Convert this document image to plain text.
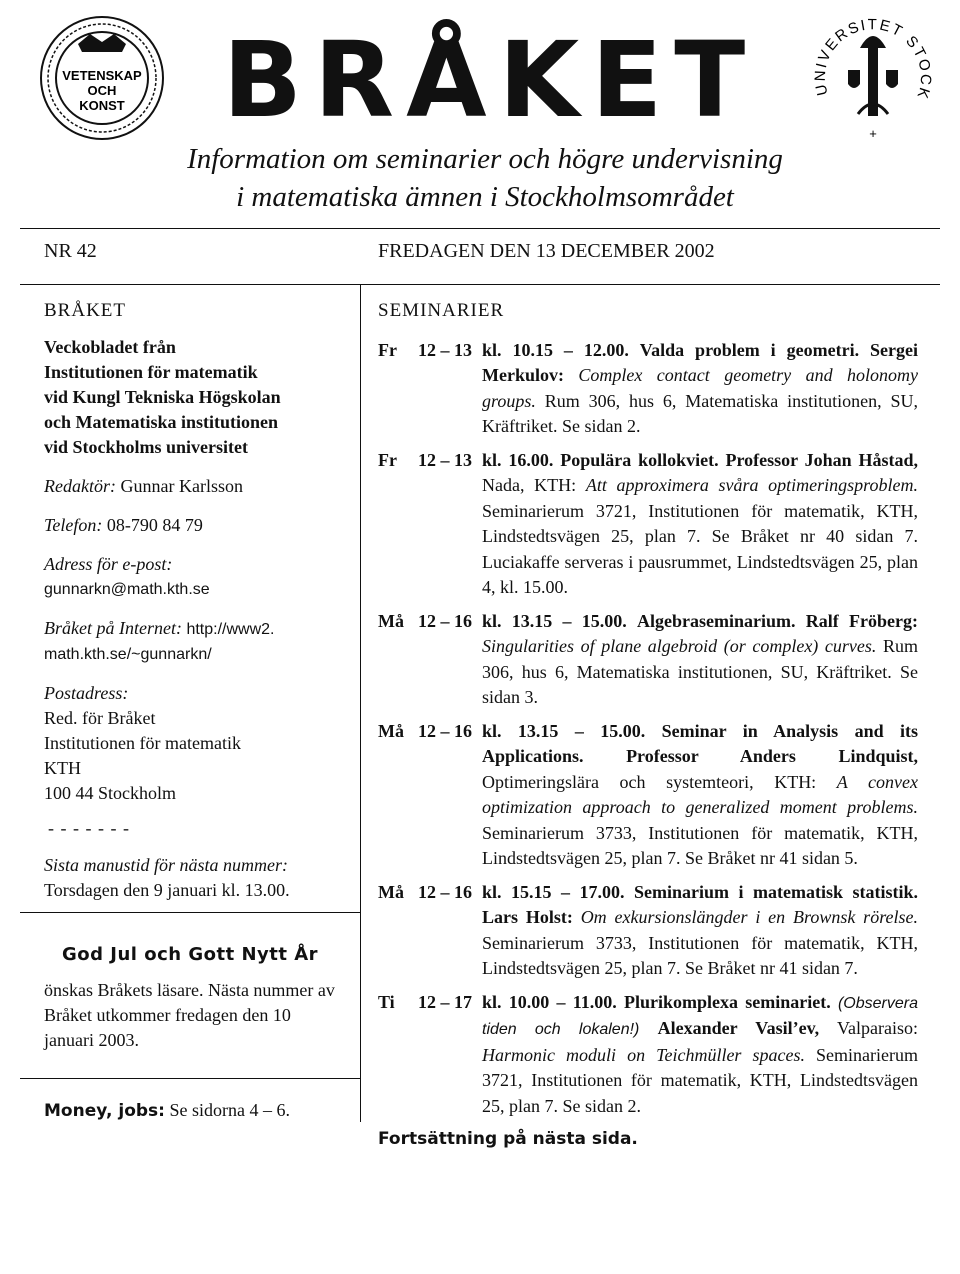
VETENSKAP
OCH
KONST BRÅKET	UNIVERSITET STOCK
+
Information om seminarier och högre undervisning
i matematiska ämnen i Stockholmsområdet
NR 42	FREDAGEN DEN 13 DECEMBER 2002
BRÅKET
Veckobladet från
Institutionen för matematik
vid Kungl Tekniska Högskolan
och Matematiska institutionen
vid Stockholms universitet
Redaktör: Gunnar Karlsson
Telefon: 08-790 84 79
Adress för e-post:
gunnarkn@math.kth.se
Bråket på Internet: http://www2.
math.kth.se/~gunnarkn/
Postadress:
Red. för Bråket
Institutionen för matematik
KTH
100 44 Stockholm
- - - - - - -
Sista manustid för nästa nummer:
Torsdagen den 9 januari kl. 13.00.
God Jul och Gott Nytt År
önskas Bråkets läsare. Nästa nummer av Bråket utkommer fredagen den 10 januari 2003.
Money, jobs: Se sidorna 4 – 6.
SEMINARIER
Fr	12 – 13 kl. 10.15 – 12.00. Valda problem i geometri. Sergei Merkulov: Complex contact geometry and holonomy groups. Rum 306, hus 6, Matematiska institutionen, SU, Kräftriket. Se sidan 2.
Fr	12 – 13 kl. 16.00. Populära kollokviet. Professor Johan Håstad, Nada, KTH: Att approximera svåra optimeringsproblem. Seminarierum 3721, Institutionen för matematik, KTH, Lindstedtsvägen 25, plan 7. Se Bråket nr 40 sidan 7. Luciakaffe serveras i pausrummet, Lindstedtsvägen 25, plan 4, kl. 15.00.
Må 12 – 16 kl. 13.15 – 15.00. Algebraseminarium. Ralf Fröberg: Singularities of plane algebroid (or complex) curves. Rum 306, hus 6, Matematiska institutionen, SU, Kräftriket. Se sidan 3.
Må 12 – 16 kl. 13.15 – 15.00. Seminar in Analysis and its Applications. Professor Anders Lindquist, Optimeringslära och systemteori, KTH: A convex optimization approach to generalized moment problems. Seminarierum 3733, Institutionen för matematik, KTH, Lindstedtsvägen 25, plan 7. Se Bråket nr 41 sidan 5.
Må 12 – 16 kl. 15.15 – 17.00. Seminarium i matematisk statistik. Lars Holst: Om exkursionslängder i en Brownsk rörelse. Seminarierum 3733, Institutionen för matematik, KTH, Lindstedtsvägen 25, plan 7. Se Bråket nr 41 sidan 7.
Ti	12 – 17 kl. 10.00 – 11.00. Plurikomplexa seminariet. (Observera tiden och lokalen!) Alexander Vasil’ev, Valparaiso: Harmonic moduli on Teichmüller spaces. Seminarierum 3721, Institutionen för matematik, KTH, Lindstedtsvägen 25, plan 7. Se sidan 2.
Fortsättning på nästa sida.
